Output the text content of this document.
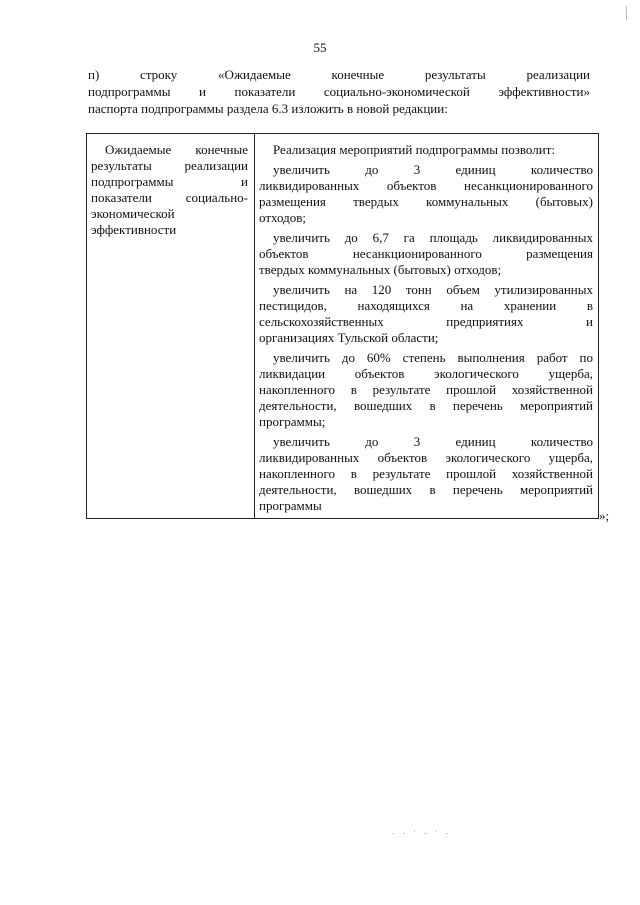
55
п) строку «Ожидаемые конечные результаты реализации
подпрограммы и показатели социально-экономической эффективности»
паспорта подпрограммы раздела 6.3 изложить в новой редакции:
Ожидаемые конечные
результаты реализации
подпрограммы и
показатели социально-
экономической
эффективности
Реализация мероприятий подпрограммы позволит:
увеличить до 3 единиц количество
ликвидированных объектов несанкционированного
размещения твердых коммунальных (бытовых)
отходов;
увеличить до 6,7 га площадь ликвидированных
объектов несанкционированного размещения
твердых коммунальных (бытовых) отходов;
увеличить на 120 тонн объем утилизированных
пестицидов, находящихся на хранении в
сельскохозяйственных предприятиях и
организациях Тульской области;
увеличить до 60% степень выполнения работ по
ликвидации объектов экологического ущерба,
накопленного в результате прошлой хозяйственной
деятельности, вошедших в перечень мероприятий
программы;
увеличить до 3 единиц количество
ликвидированных объектов экологического ущерба,
накопленного в результате прошлой хозяйственной
деятельности, вошедших в перечень мероприятий
программы
»;
. . · . · .
